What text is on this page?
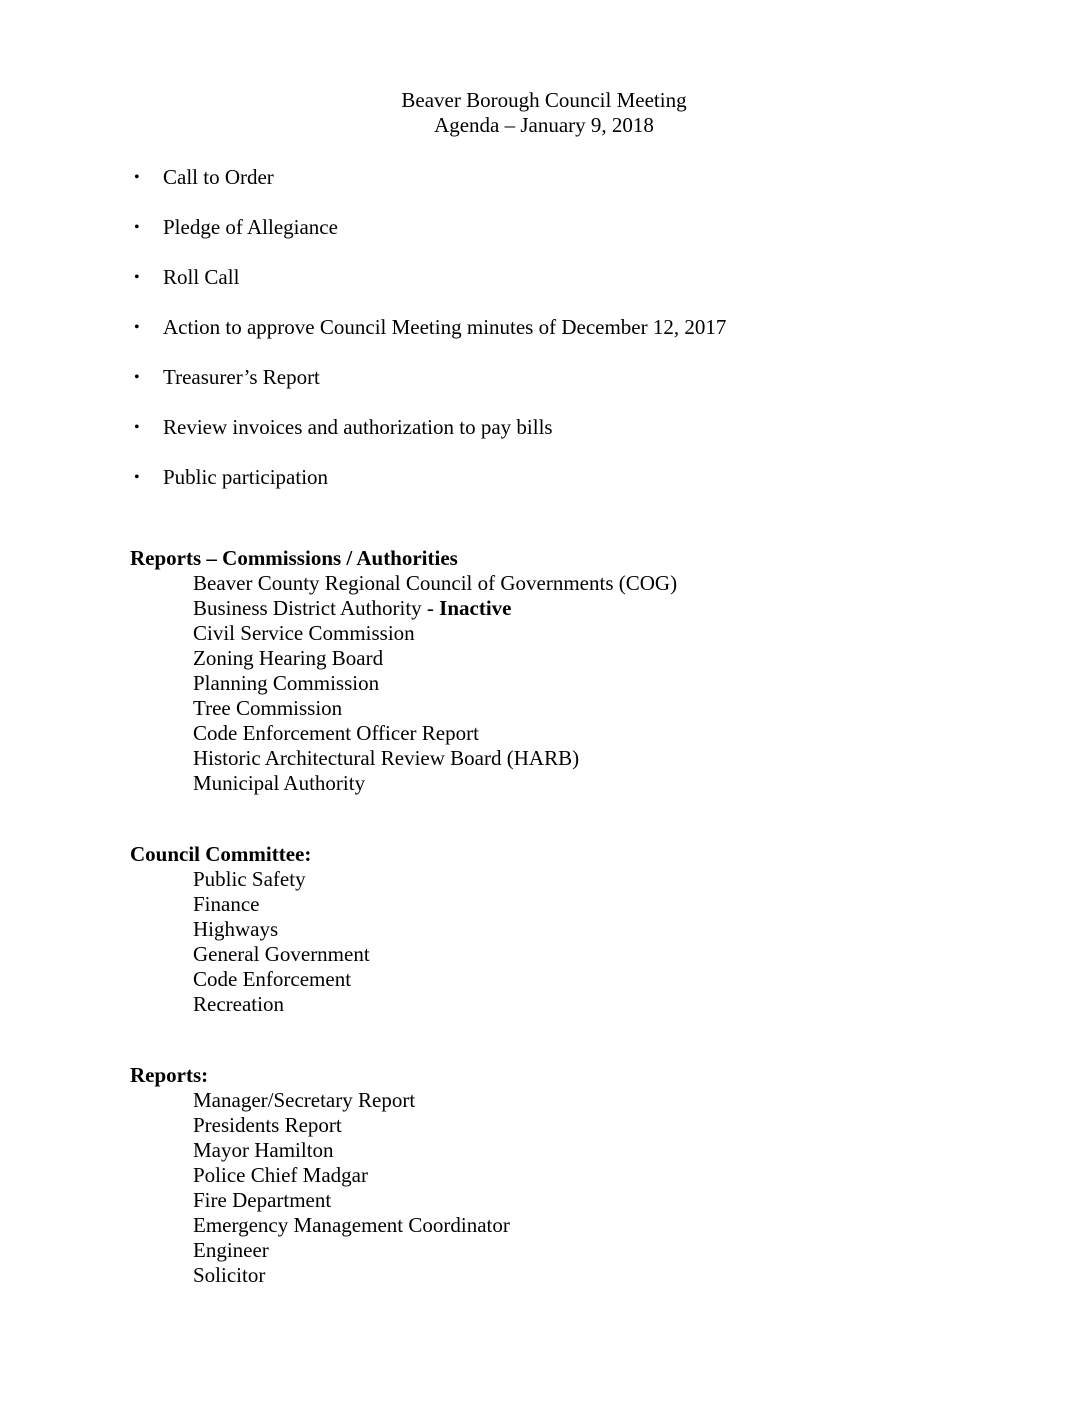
Beaver Borough Council Meeting
Agenda – January 9, 2018
• Call to Order
• Pledge of Allegiance
• Roll Call
• Action to approve Council Meeting minutes of December 12, 2017
• Treasurer’s Report
• Review invoices and authorization to pay bills
• Public participation
Reports – Commissions / Authorities
Beaver County Regional Council of Governments (COG)
Business District Authority - Inactive
Civil Service Commission
Zoning Hearing Board
Planning Commission
Tree Commission
Code Enforcement Officer Report
Historic Architectural Review Board (HARB)
Municipal Authority
Council Committee:
Public Safety
Finance
Highways
General Government
Code Enforcement
Recreation
Reports:
Manager/Secretary Report
Presidents Report
Mayor Hamilton
Police Chief Madgar
Fire Department
Emergency Management Coordinator
Engineer
Solicitor
